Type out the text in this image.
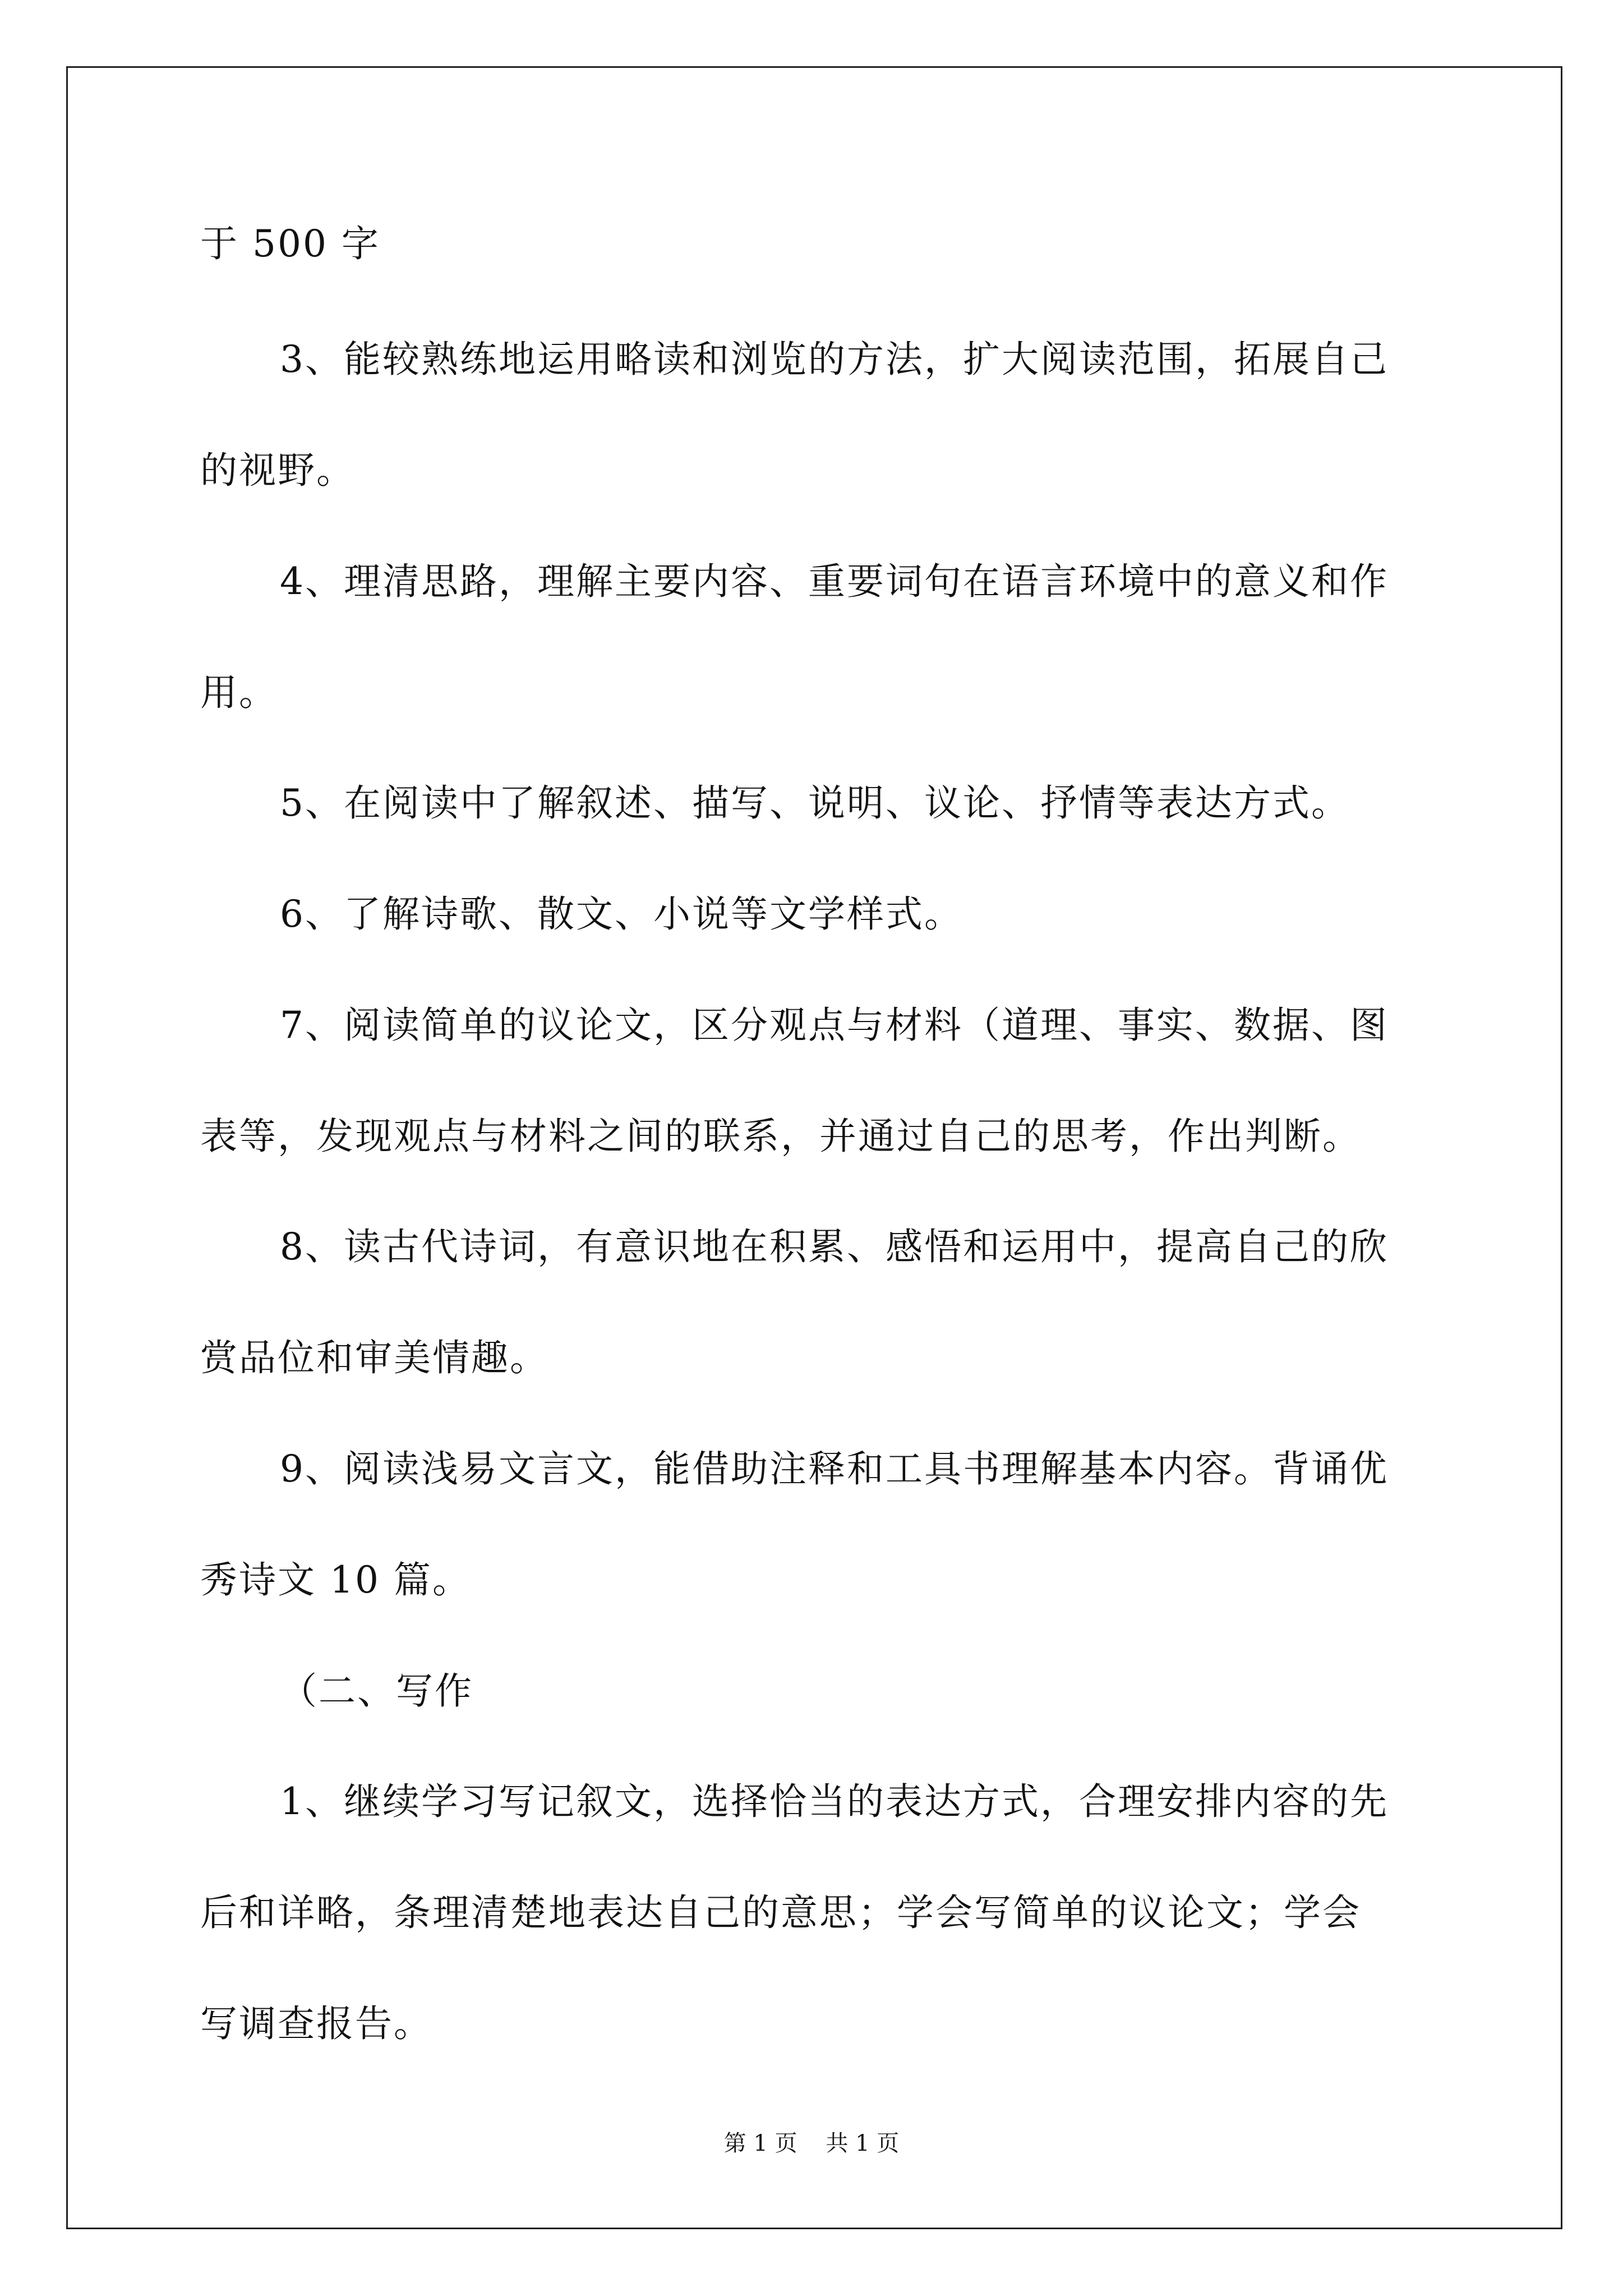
于 500 字
3、能较熟练地运用略读和浏览的方法，扩大阅读范围，拓展自己
的视野。
4、理清思路，理解主要内容、重要词句在语言环境中的意义和作
用。
5、在阅读中了解叙述、描写、说明、议论、抒情等表达方式。
6、了解诗歌、散文、小说等文学样式。
7、阅读简单的议论文，区分观点与材料（道理、事实、数据、图
表等，发现观点与材料之间的联系，并通过自己的思考，作出判断。
8、读古代诗词，有意识地在积累、感悟和运用中，提高自己的欣
赏品位和审美情趣。
9、阅读浅易文言文，能借助注释和工具书理解基本内容。背诵优
秀诗文 10 篇。
（二、写作
1、继续学习写记叙文，选择恰当的表达方式，合理安排内容的先
后和详略，条理清楚地表达自己的意思；学会写简单的议论文；学会
写调查报告。
第 1 页    共 1 页
